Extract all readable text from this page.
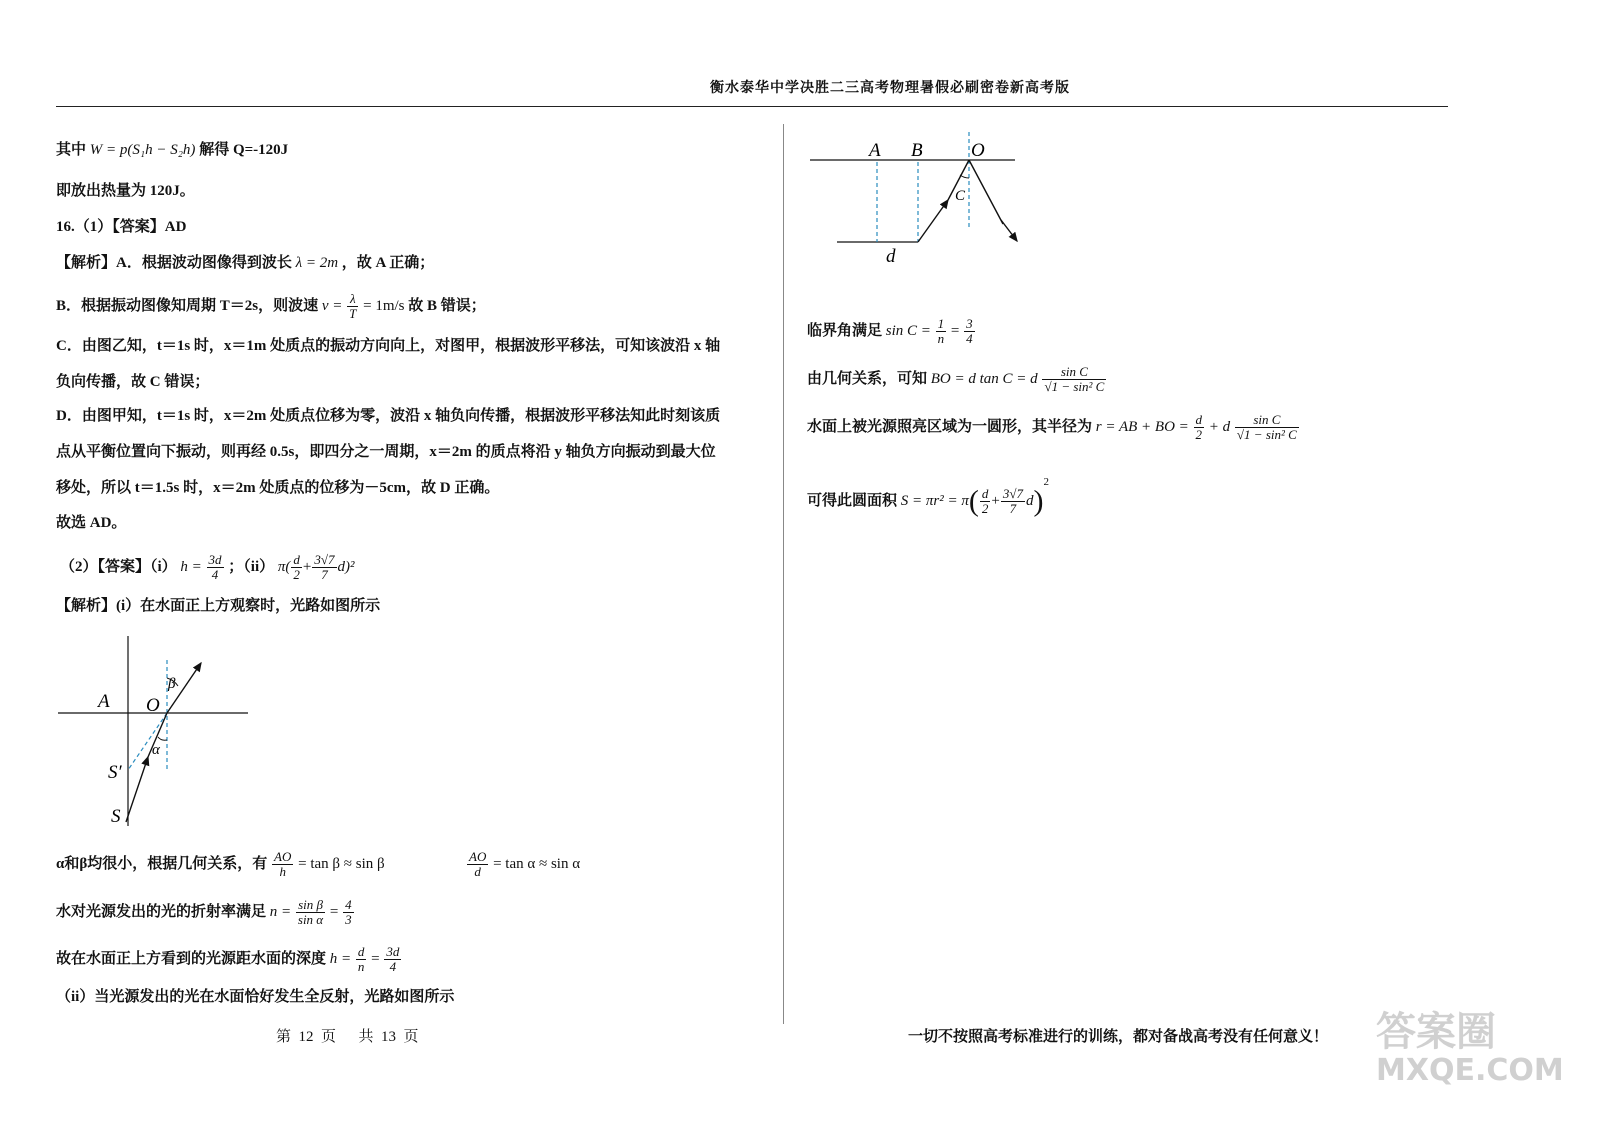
衡水泰华中学决胜二三高考物理暑假必刷密卷新高考版
其中 W = p(S₁h − S₂h) 解得 Q=-120J
即放出热量为 120J。
16.（1）【答案】AD
【解析】A．根据波动图像得到波长 λ = 2m ，故 A 正确；
B．根据振动图像知周期 T＝2s，则波速 $v = \frac{\lambda}{T} = 1m/s$ 故 B 错误；
C．由图乙知，t＝1s 时，x＝1m 处质点的振动方向向上，对图甲，根据波形平移法，可知该波沿 x 轴
负向传播，故 C 错误；
D．由图甲知，t＝1s 时，x＝2m 处质点位移为零，波沿 x 轴负向传播，根据波形平移法知此时刻该质
点从平衡位置向下振动，则再经 0.5s，即四分之一周期，x＝2m 的质点将沿 y 轴负方向振动到最大位
移处，所以 t＝1.5s 时，x＝2m 处质点的位移为－5cm，故 D 正确。
故选 AD。
（2）【答案】（i） $h = \frac{3d}{4}$ ；（ii） $\pi( \frac{d}{2} + \frac{3√7}{7} d)^2$
【解析】(i）在水面正上方观察时，光路如图所示
A O
β
α
S′
S
α和β均很小，根据几何关系，有 $\frac{AO}{h} = \tan \beta \approx \sin \beta$	$\frac{AO}{d} = \tan \alpha \approx \sin \alpha$
水对光源发出的光的折射率满足 $n = \frac{\text{sin β}}{\text{sin α}} = \frac{4}{3}$
故在水面正上方看到的光源距水面的深度 $h = \frac{d}{n} = \frac{3d}{4}$
（ii）当光源发出的光在水面恰好发生全反射，光路如图所示
A B	O
C
d
临界角满足 $\sin C = \frac{1}{n} = \frac{3}{4}$
由几何关系，可知 BO = d tan C = d $\frac{\text{sin C}}{\text{√1 − sin² C}}$
水面上被光源照亮区域为一圆形，其半径为 r = AB + BO = $\frac{d}{2} + d \frac{\text{sin C}}{\text{√1 − sin² C}}$
可得此圆面积 $S = \pi r^2 = \pi( \frac{d}{2} + \frac{3√7}{7} d)^2$
第  12  页      共  13  页	一切不按照高考标准进行的训练，都对备战高考没有任何意义！ 答案圈
MXQE.COM
